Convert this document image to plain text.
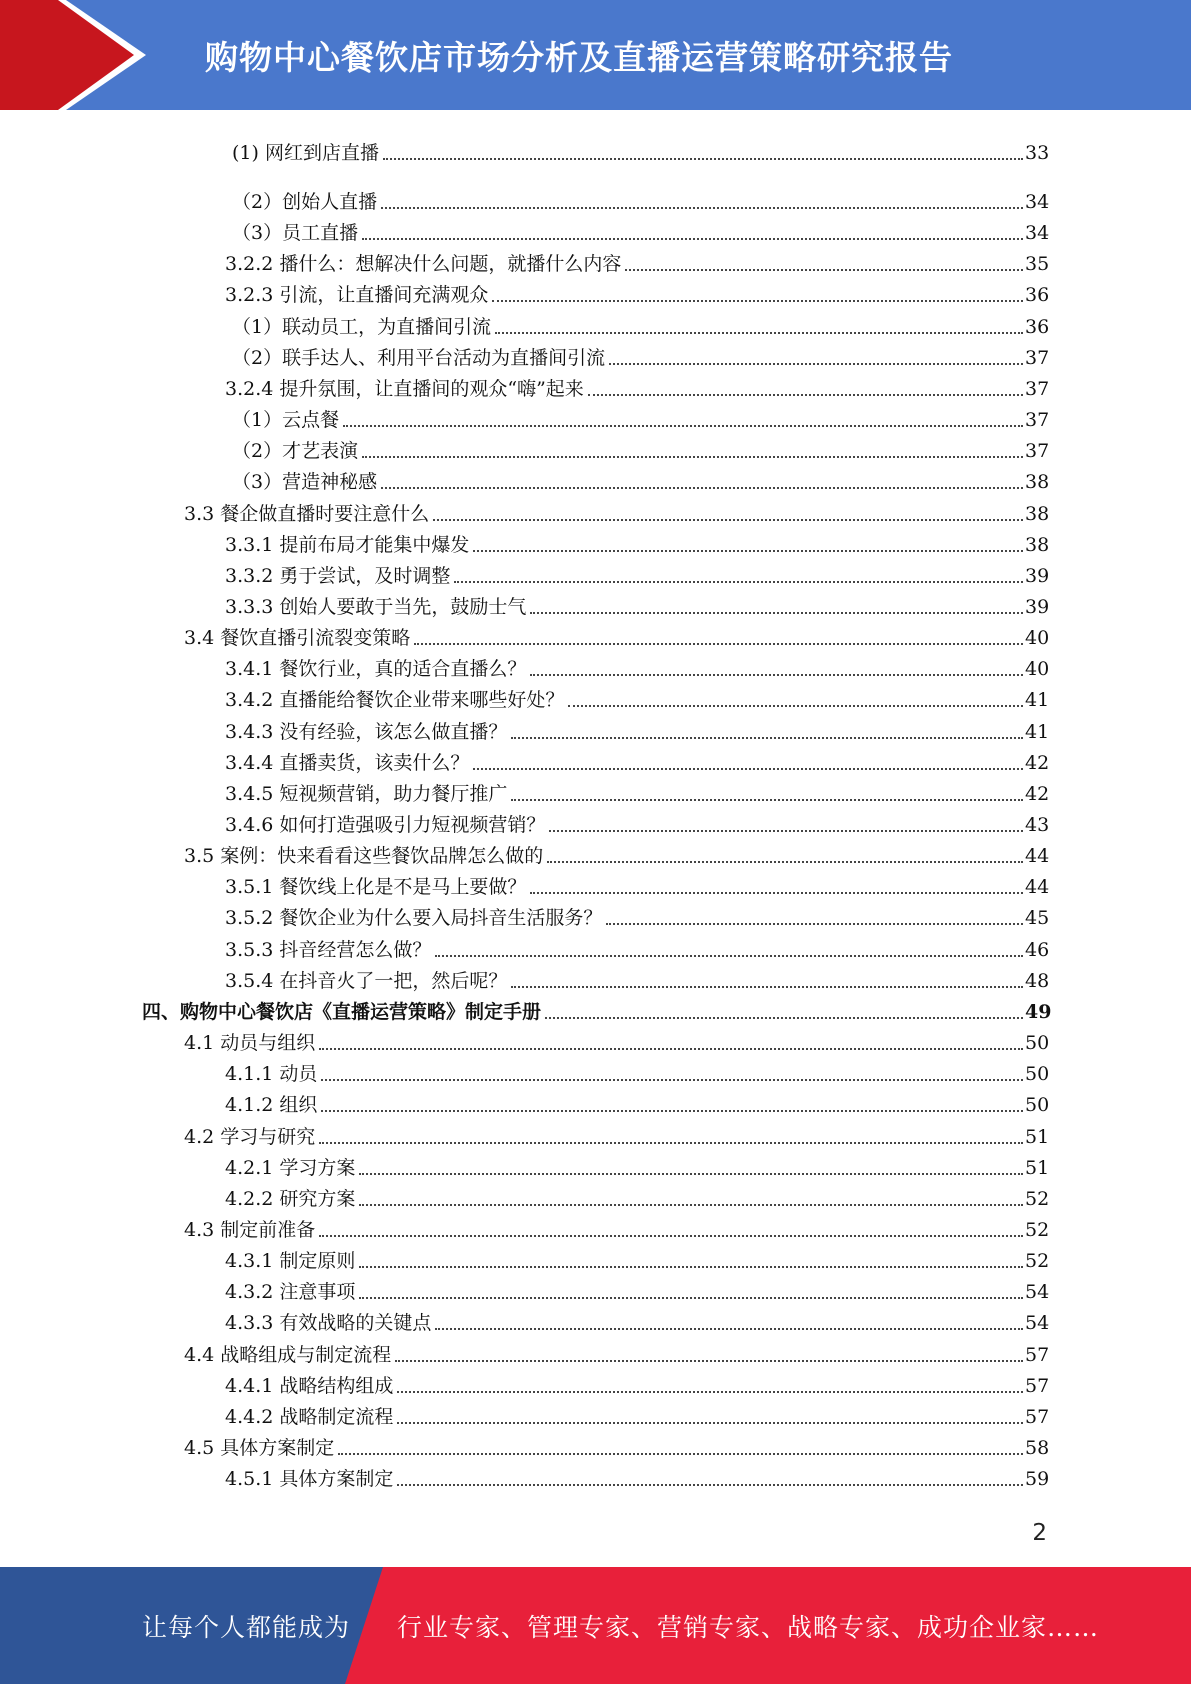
购物中心餐饮店市场分析及直播运营策略研究报告
(1) 网红到店直播	33
（2）创始人直播	34
（3）员工直播	34
3.2.2 播什么：想解决什么问题，就播什么内容	35
3.2.3 引流，让直播间充满观众	36
（1）联动员工，为直播间引流	36
（2）联手达人、利用平台活动为直播间引流	37
3.2.4 提升氛围，让直播间的观众“嗨”起来	37
（1）云点餐	37
（2）才艺表演	37
（3）营造神秘感	38
3.3 餐企做直播时要注意什么	38
3.3.1 提前布局才能集中爆发	38
3.3.2 勇于尝试，及时调整	39
3.3.3 创始人要敢于当先，鼓励士气	39
3.4 餐饮直播引流裂变策略	40
3.4.1 餐饮行业，真的适合直播么？	40
3.4.2 直播能给餐饮企业带来哪些好处？	41
3.4.3 没有经验，该怎么做直播？	41
3.4.4 直播卖货，该卖什么？	42
3.4.5 短视频营销，助力餐厅推广	42
3.4.6 如何打造强吸引力短视频营销？	43
3.5 案例：快来看看这些餐饮品牌怎么做的	44
3.5.1 餐饮线上化是不是马上要做？	44
3.5.2 餐饮企业为什么要入局抖音生活服务？	45
3.5.3 抖音经营怎么做？	46
3.5.4 在抖音火了一把，然后呢？	48
四、购物中心餐饮店《直播运营策略》制定手册	49
4.1 动员与组织	50
4.1.1 动员	50
4.1.2 组织	50
4.2 学习与研究	51
4.2.1 学习方案	51
4.2.2 研究方案	52
4.3 制定前准备	52
4.3.1 制定原则	52
4.3.2 注意事项	54
4.3.3 有效战略的关键点	54
4.4 战略组成与制定流程	57
4.4.1 战略结构组成	57
4.4.2 战略制定流程	57
4.5 具体方案制定	58
4.5.1 具体方案制定	59
2
让每个人都能成为 行业专家、管理专家、营销专家、战略专家、成功企业家……
